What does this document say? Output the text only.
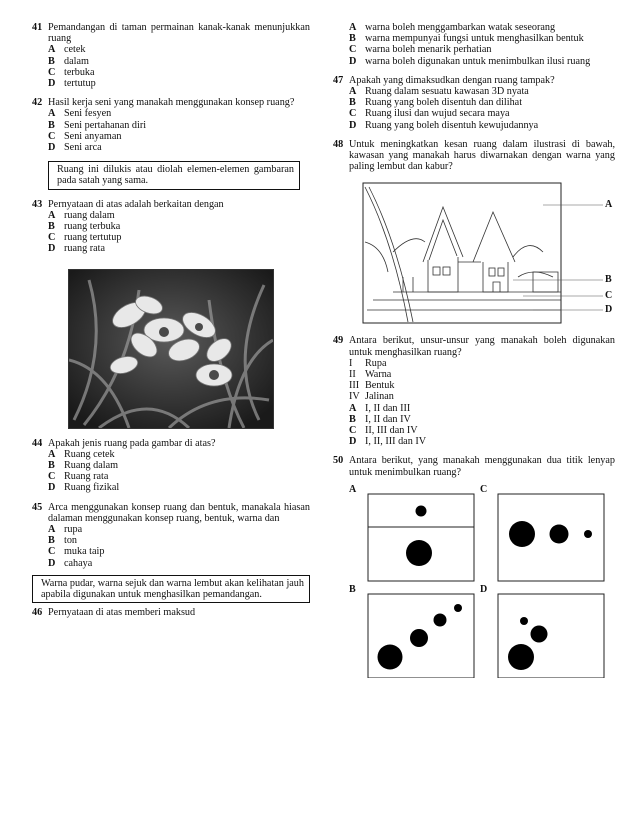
41 Pemandangan di taman permainan kanak-kanak menunjukkan ruang
A cetek
B dalam
C terbuka
D tertutup
42 Hasil kerja seni yang manakah menggunakan konsep ruang?
A Seni fesyen
B Seni pertahanan diri
C Seni anyaman
D Seni arca
Ruang ini dilukis atau diolah elemen-elemen gambaran pada satah yang sama.
43 Pernyataan di atas adalah berkaitan dengan
A ruang dalam
B ruang terbuka
C ruang tertutup
D ruang rata
44 Apakah jenis ruang pada gambar di atas?
A Ruang cetek
B Ruang dalam
C Ruang rata
D Ruang fizikal
45 Arca menggunakan konsep ruang dan bentuk, manakala hiasan dalaman menggunakan konsep ruang, bentuk, warna dan
A rupa
B ton
C muka taip
D cahaya
Warna pudar, warna sejuk dan warna lembut akan kelihatan jauh apabila digunakan untuk menghasilkan pemandangan.
46 Pernyataan di atas memberi maksud
A warna boleh menggambarkan watak seseorang
B warna mempunyai fungsi untuk menghasilkan bentuk
C warna boleh menarik perhatian
D warna boleh digunakan untuk menimbulkan ilusi ruang
47 Apakah yang dimaksudkan dengan ruang tampak?
A Ruang dalam sesuatu kawasan 3D nyata
B Ruang yang boleh disentuh dan dilihat
C Ruang ilusi dan wujud secara maya
D Ruang yang boleh disentuh kewujudannya
48 Untuk meningkatkan kesan ruang dalam ilustrasi di bawah, kawasan yang manakah harus diwarnakan dengan warna yang paling lembut dan kabur?
A
B
C
D
49 Antara berikut, unsur-unsur yang manakah boleh digunakan untuk menghasilkan ruang?
I Rupa
II Warna
III Bentuk
IV Jalinan
A I, II dan III
B I, II dan IV
C II, III dan IV
D I, II, III dan IV
50 Antara berikut, yang manakah menggunakan dua titik lenyap untuk menimbulkan ruang?
A	C
B	D
